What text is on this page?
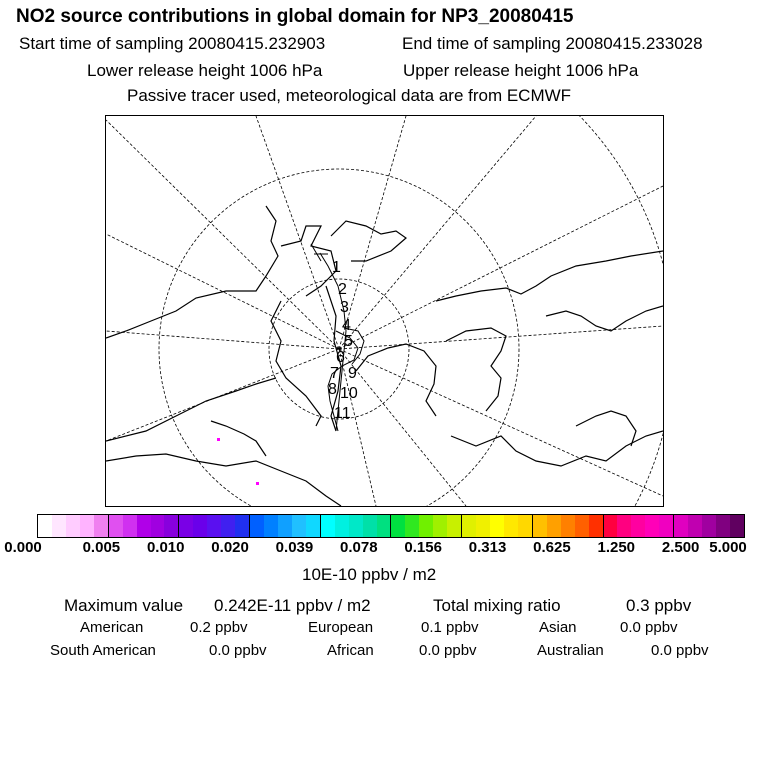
NO2 source contributions in global domain for NP3_20080415
Start time of sampling 20080415.232903	End time of sampling 20080415.233028
Lower release height 1006 hPa	Upper release height 1006 hPa
Passive tracer used, meteorological data are from ECMWF
1
2
3
4
5
6
7
8
9
10
11
0.000	0.005 0.010 0.020 0.039 0.078 0.156 0.313 0.625 1.250 2.500 5.000
10E-10 ppbv / m2
Maximum value 0.242E-11 ppbv / m2	Total mixing ratio	0.3 ppbv
American	0.2 ppbv	European	0.1 ppbv	Asian	0.0 ppbv
South American	0.0 ppbv	African	0.0 ppbv	Australian	0.0 ppbv
